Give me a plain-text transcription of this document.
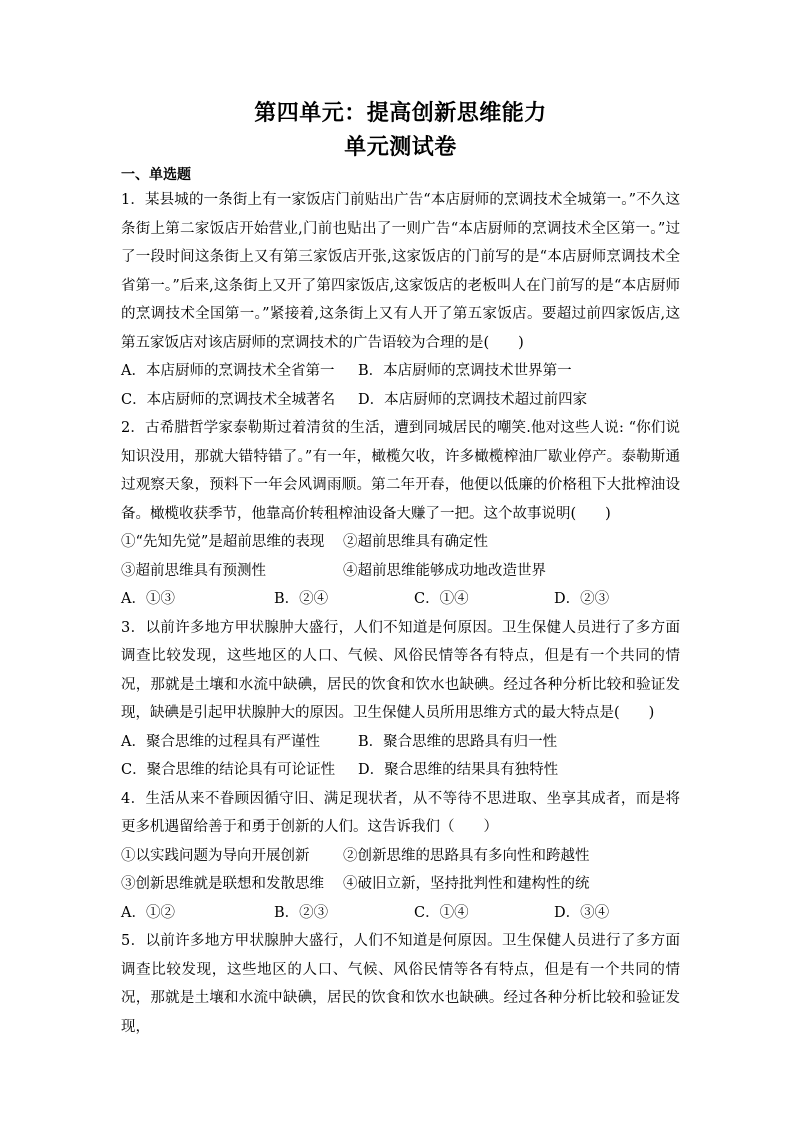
第四单元：提高创新思维能力
单元测试卷
一、单选题

1．某县城的一条街上有一家饭店门前贴出广告“本店厨师的烹调技术全城第一。”不久这条街上第二家饭店开始营业,门前也贴出了一则广告“本店厨师的烹调技术全区第一。”过了一段时间这条街上又有第三家饭店开张,这家饭店的门前写的是“本店厨师烹调技术全省第一。”后来,这条街上又开了第四家饭店,这家饭店的老板叫人在门前写的是“本店厨师的烹调技术全国第一。”紧接着,这条街上又有人开了第五家饭店。要超过前四家饭店,这第五家饭店对该店厨师的烹调技术的广告语较为合理的是(　　)

A．本店厨师的烹调技术全省第一	B．本店厨师的烹调技术世界第一
C．本店厨师的烹调技术全城著名	D．本店厨师的烹调技术超过前四家

2．古希腊哲学家泰勒斯过着清贫的生活，遭到同城居民的嘲笑.他对这些人说: “你们说知识没用，那就大错特错了。”有一年，橄榄欠收，许多橄榄榨油厂歇业停产。泰勒斯通过观察天象，预料下一年会风调雨顺。第二年开春，他便以低廉的价格租下大批榨油设备。橄榄收获季节，他靠高价转租榨油设备大赚了一把。这个故事说明(　　)

①“先知先觉”是超前思维的表现	②超前思维具有确定性
③超前思维具有预测性	④超前思维能够成功地改造世界
A．①③	B．②④	C．①④	D．②③

3．以前许多地方甲状腺肿大盛行，人们不知道是何原因。卫生保健人员进行了多方面调查比较发现，这些地区的人口、气候、风俗民情等各有特点，但是有一个共同的情况，那就是土壤和水流中缺碘，居民的饮食和饮水也缺碘。经过各种分析比较和验证发现，缺碘是引起甲状腺肿大的原因。卫生保健人员所用思维方式的最大特点是(　　)

A．聚合思维的过程具有严谨性	B．聚合思维的思路具有归一性
C．聚合思维的结论具有可论证性	D．聚合思维的结果具有独特性

4．生活从来不眷顾因循守旧、满足现状者，从不等待不思进取、坐享其成者，而是将更多机遇留给善于和勇于创新的人们。这告诉我们（　　）

①以实践问题为导向开展创新	②创新思维的思路具有多向性和跨越性
③创新思维就是联想和发散思维	④破旧立新，坚持批判性和建构性的统
A．①②	B．②③	C．①④	D．③④

5．以前许多地方甲状腺肿大盛行，人们不知道是何原因。卫生保健人员进行了多方面调查比较发现，这些地区的人口、气候、风俗民情等各有特点，但是有一个共同的情况，那就是土壤和水流中缺碘，居民的饮食和饮水也缺碘。经过各种分析比较和验证发现，
